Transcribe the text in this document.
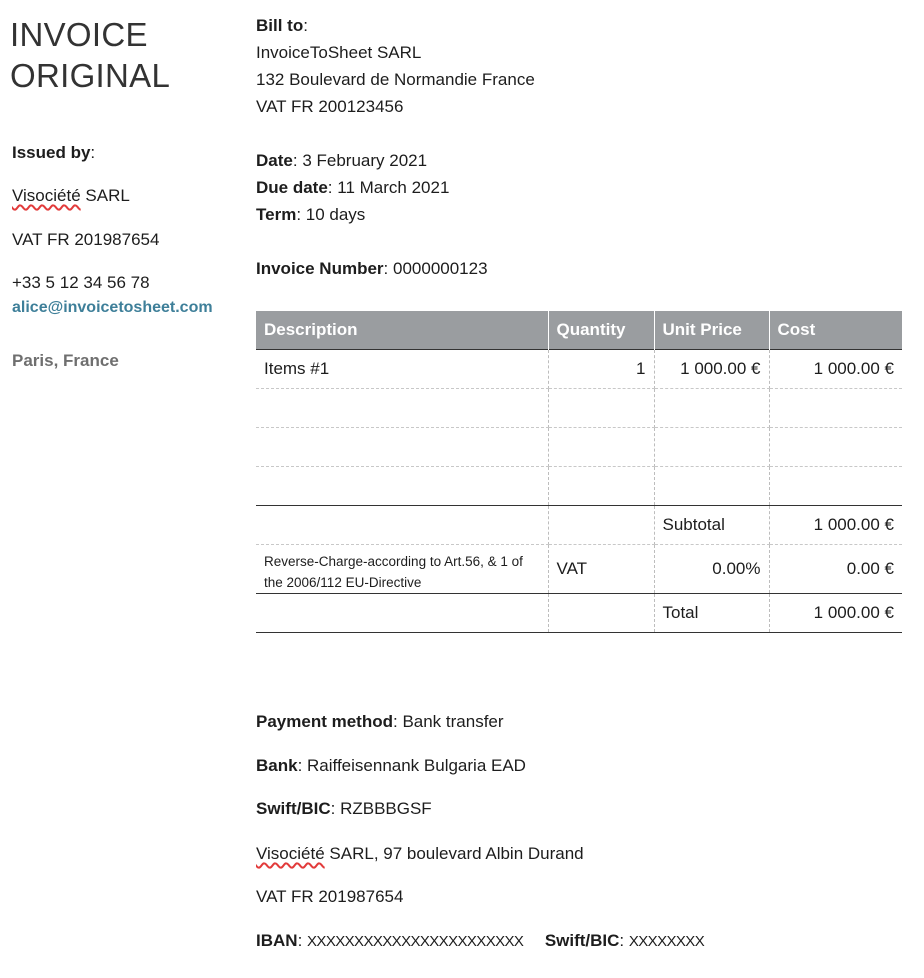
INVOICE
ORIGINAL
Issued by:
Visociété SARL
VAT FR 201987654
+33 5 12 34 56 78
alice@invoicetosheet.com
Paris, France
Bill to:
InvoiceToSheet SARL
132 Boulevard de Normandie France
VAT FR 200123456
Date: 3 February 2021
Due date: 11 March 2021
Term: 10 days
Invoice Number: 0000000123
Description	Quantity	Unit Price	Cost
Items #1	1	1 000.00 €	1 000.00 €

		Subtotal	1 000.00 €
Reverse-Charge-according to Art.56, & 1 of the 2006/112 EU-Directive	VAT	0.00%	0.00 €
		Total	1 000.00 €
Payment method: Bank transfer
Bank: Raiffeisennank Bulgaria EAD
Swift/BIC: RZBBBGSF
Visociété SARL, 97 boulevard Albin Durand
VAT FR 201987654
IBAN: XXXXXXXXXXXXXXXXXXXXXXX Swift/BIC: XXXXXXXX
